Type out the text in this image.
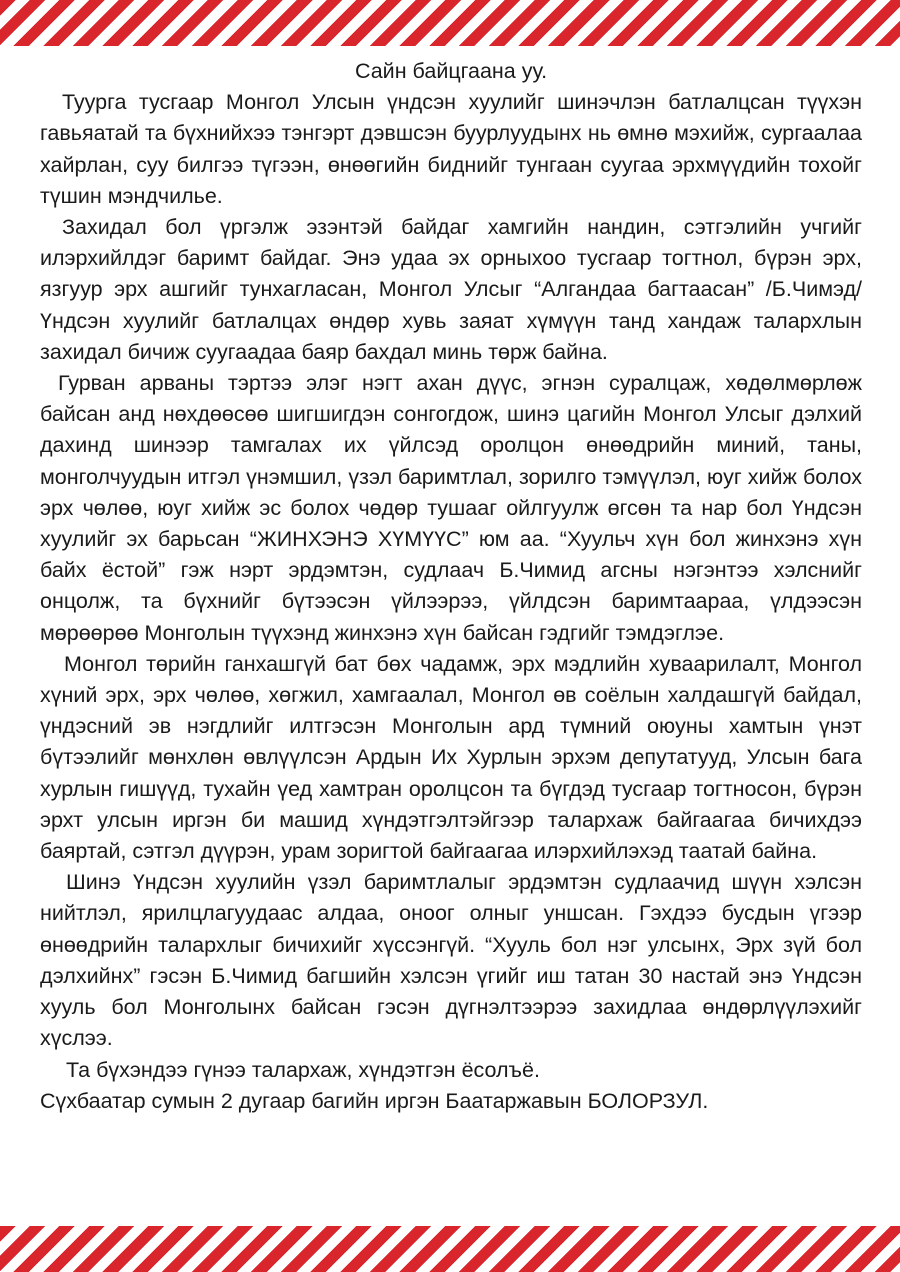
Сайн байцгаана уу.

Туурга тусгаар Монгол Улсын үндсэн хуулийг шинэчлэн батлалцсан түүхэн гавьяатай та бүхнийхээ тэнгэрт дэвшсэн буурлуудынх нь өмнө мэхийж, сургаалаа хайрлан, суу билгээ түгээн, өнөөгийн биднийг тунгаан суугаа эрхмүүдийн тохойг түшин мэндчилье.

Захидал бол үргэлж эзэнтэй байдаг хамгийн нандин, сэтгэлийн учгийг илэрхийлдэг баримт байдаг. Энэ удаа эх орныхоо тусгаар тогтнол, бүрэн эрх, язгуур эрх ашгийг тунхагласан, Монгол Улсыг “Алгандаа багтаасан” /Б.Чимэд/ Үндсэн хуулийг батлалцах өндөр хувь заяат хүмүүн танд хандаж талархлын захидал бичиж суугаадаа баяр бахдал минь төрж байна.

Гурван арваны тэртээ элэг нэгт ахан дүүс, эгнэн суралцаж, хөдөлмөрлөж байсан анд нөхдөөсөө шигшигдэн сонгогдож, шинэ цагийн Монгол Улсыг дэлхий дахинд шинээр тамгалах их үйлсэд оролцон өнөөдрийн миний, таны, монголчуудын итгэл үнэмшил, үзэл баримтлал, зорилго тэмүүлэл, юуг хийж болох эрх чөлөө, юуг хийж эс болох чөдөр тушааг ойлгуулж өгсөн та нар бол Үндсэн хуулийг эх барьсан “ЖИНХЭНЭ ХҮМҮҮС” юм аа. “Хуульч хүн бол жинхэнэ хүн байх ёстой” гэж нэрт эрдэмтэн, судлаач Б.Чимид агсны нэгэнтээ хэлснийг онцолж, та бүхнийг бүтээсэн үйлээрээ, үйлдсэн баримтаараа, үлдээсэн мөрөөрөө Монголын түүхэнд жинхэнэ хүн байсан гэдгийг тэмдэглэе.

Монгол төрийн ганхашгүй бат бөх чадамж, эрх мэдлийн хуваарилалт, Монгол хүний эрх, эрх чөлөө, хөгжил, хамгаалал, Монгол өв соёлын халдашгүй байдал, үндэсний эв нэгдлийг илтгэсэн Монголын ард түмний оюуны хамтын үнэт бүтээлийг мөнхлөн өвлүүлсэн Ардын Их Хурлын эрхэм депутатууд, Улсын бага хурлын гишүүд, тухайн үед хамтран оролцсон та бүгдэд тусгаар тогтносон, бүрэн эрхт улсын иргэн би машид хүндэтгэлтэйгээр талархаж байгаагаа бичихдээ баяртай, сэтгэл дүүрэн, урам зоригтой байгаагаа илэрхийлэхэд таатай байна.

Шинэ Үндсэн хуулийн үзэл баримтлалыг эрдэмтэн судлаачид шүүн хэлсэн нийтлэл, ярилцлагуудаас алдаа, оноог олныг уншсан. Гэхдээ бусдын үгээр өнөөдрийн талархлыг бичихийг хүссэнгүй. “Хууль бол нэг улсынх, Эрх зүй бол дэлхийнх” гэсэн Б.Чимид багшийн хэлсэн үгийг иш татан 30 настай энэ Үндсэн хууль бол Монголынх байсан гэсэн дүгнэлтээрээ захидлаа өндөрлүүлэхийг хүслээ.

Та бүхэндээ гүнээ талархаж, хүндэтгэн ёсолъё.

Сүхбаатар сумын 2 дугаар багийн иргэн Баатаржавын БОЛОРЗУЛ.
